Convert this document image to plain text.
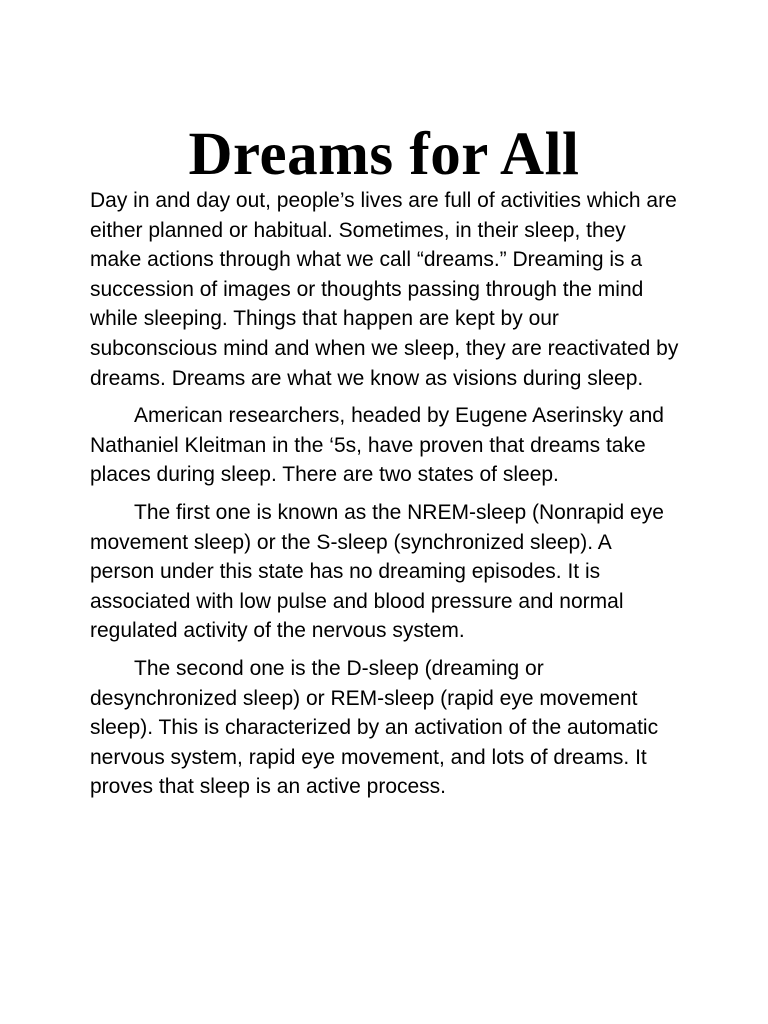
Dreams for All

Day in and day out, people’s lives are full of activities which are either planned or habitual. Sometimes, in their sleep, they make actions through what we call “dreams.” Dreaming is a succession of images or thoughts passing through the mind while sleeping. Things that happen are kept by our subconscious mind and when we sleep, they are reactivated by dreams. Dreams are what we know as visions during sleep.

American researchers, headed by Eugene Aserinsky and Nathaniel Kleitman in the ‘5s, have proven that dreams take places during sleep. There are two states of sleep.

The first one is known as the NREM-sleep (Nonrapid eye movement sleep) or the S-sleep (synchronized sleep). A person under this state has no dreaming episodes. It is associated with low pulse and blood pressure and normal regulated activity of the nervous system.

The second one is the D-sleep (dreaming or desynchronized sleep) or REM-sleep (rapid eye movement sleep). This is characterized by an activation of the automatic nervous system, rapid eye movement, and lots of dreams. It proves that sleep is an active process.
